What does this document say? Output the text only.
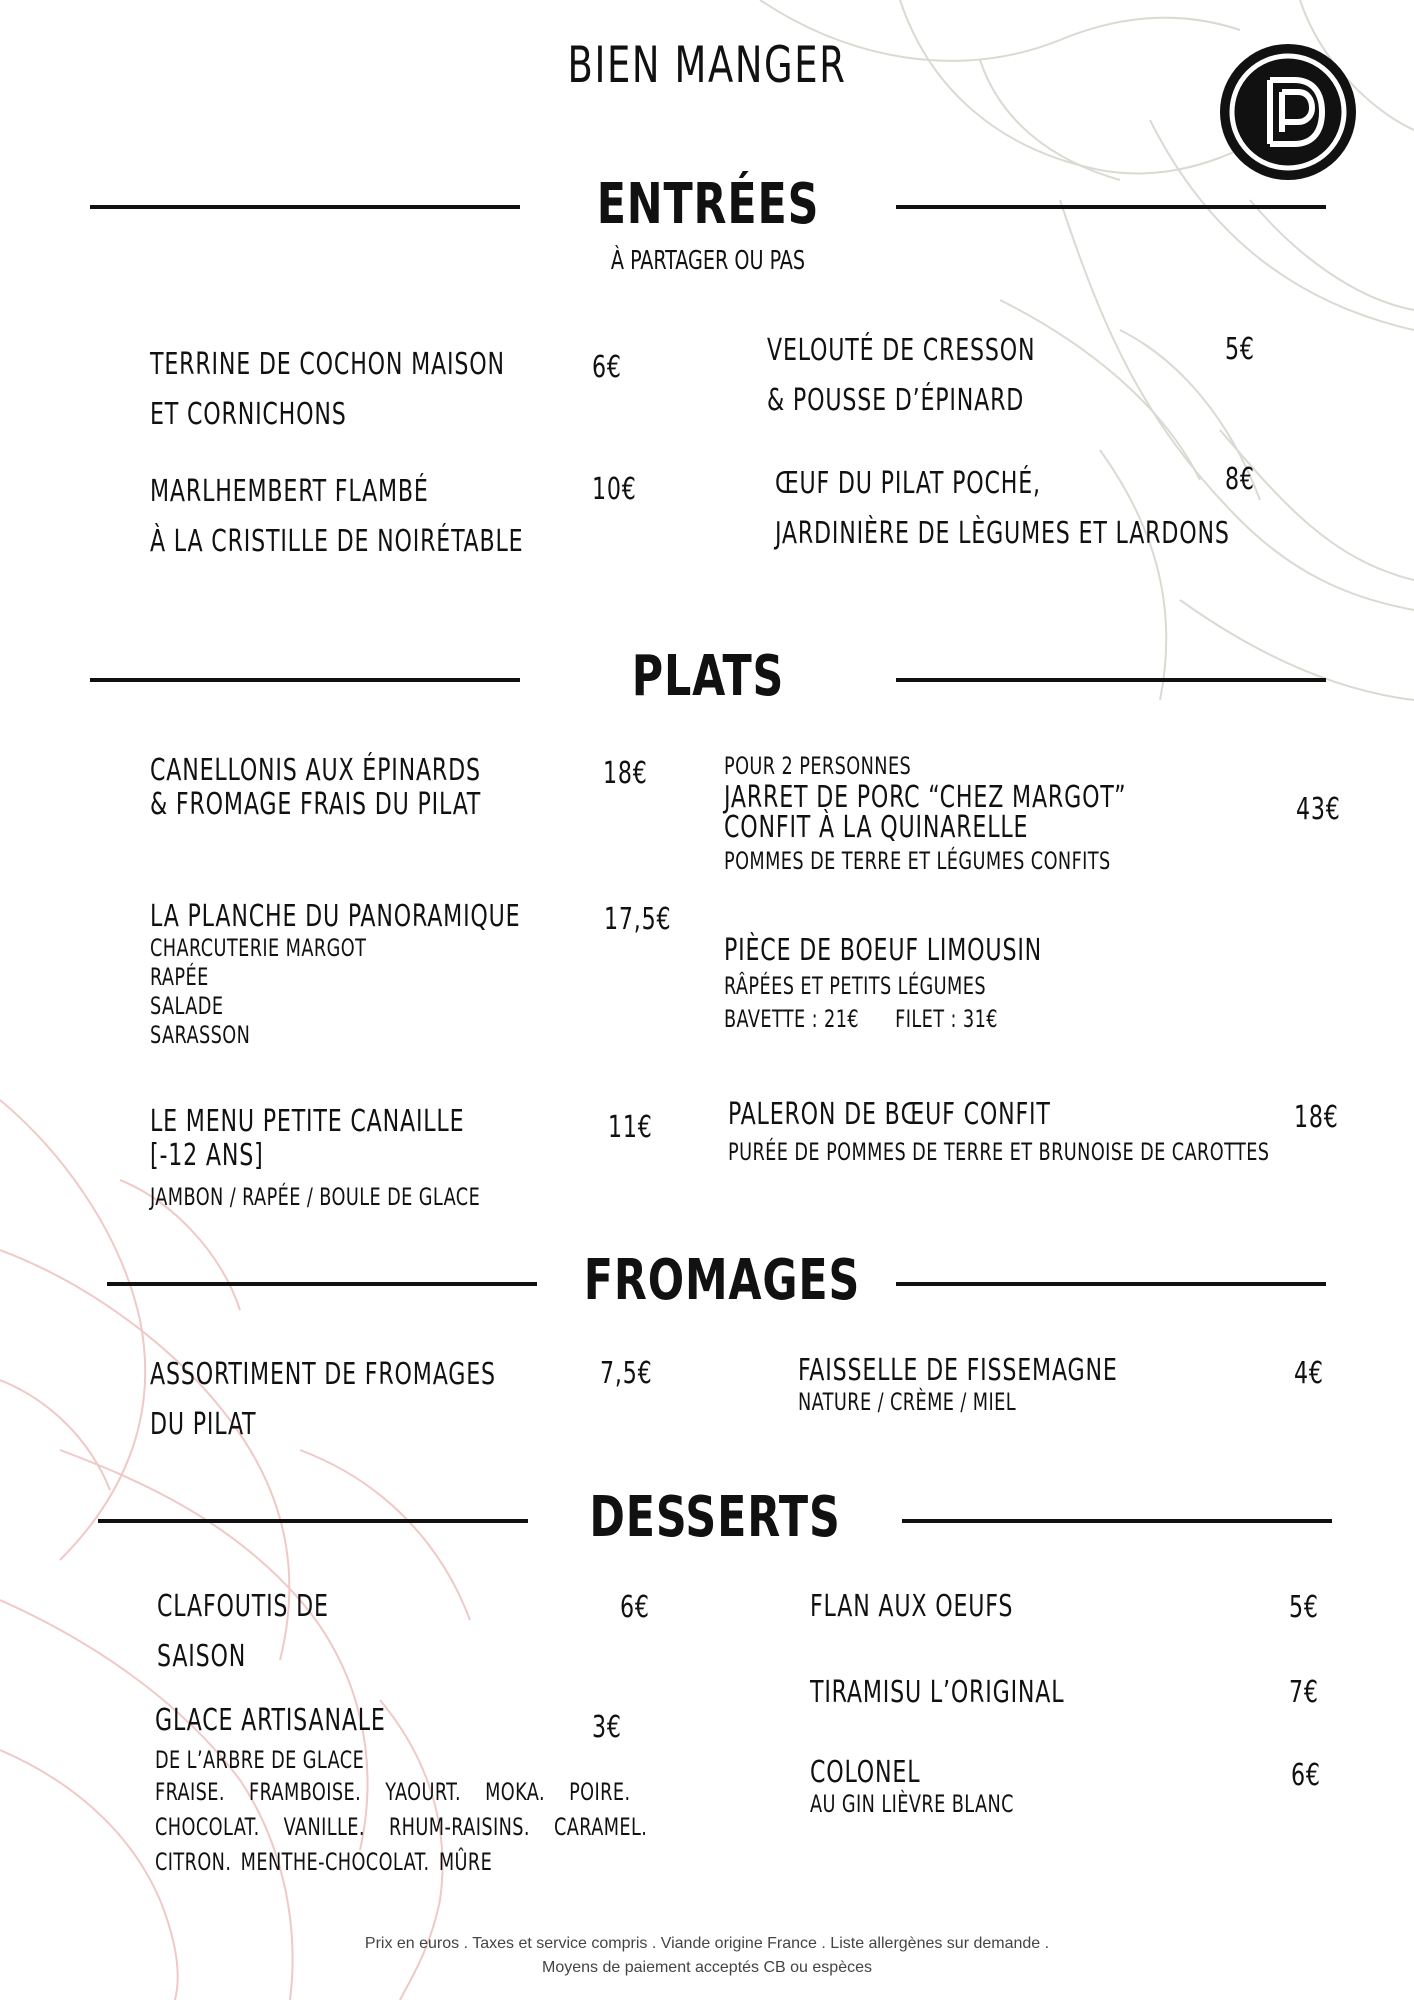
BIEN MANGER
ENTRÉES
À PARTAGER OU PAS
TERRINE DE COCHON MAISON
ET CORNICHONS
6€
MARLHEMBERT FLAMBÉ
À LA CRISTILLE DE NOIRÉTABLE
10€
VELOUTÉ DE CRESSON
& POUSSE D’ÉPINARD
5€
ŒUF DU PILAT POCHÉ,
JARDINIÈRE DE LÈGUMES ET LARDONS
8€
PLATS
CANELLONIS AUX ÉPINARDS
& FROMAGE FRAIS DU PILAT
18€
LA PLANCHE DU PANORAMIQUE
CHARCUTERIE MARGOT
RAPÉE
SALADE
SARASSON
17,5€
LE MENU PETITE CANAILLE
[-12 ANS]
JAMBON / RAPÉE / BOULE DE GLACE
11€
POUR 2 PERSONNES
JARRET DE PORC “CHEZ MARGOT”
CONFIT À LA QUINARELLE
POMMES DE TERRE ET LÉGUMES CONFITS
43€
PIÈCE DE BOEUF LIMOUSIN
RÂPÉES ET PETITS LÉGUMES
BAVETTE : 21€ FILET : 31€
PALERON DE BŒUF CONFIT
PURÉE DE POMMES DE TERRE ET BRUNOISE DE CAROTTES
18€
FROMAGES
ASSORTIMENT DE FROMAGES
DU PILAT
7,5€	FAISSELLE DE FISSEMAGNE
NATURE / CRÈME / MIEL
4€
DESSERTS
CLAFOUTIS DE
SAISON
6€
GLACE ARTISANALE
DE L’ARBRE DE GLACE
FRAISE. FRAMBOISE. YAOURT. MOKA. POIRE.
CHOCOLAT. VANILLE. RHUM-RAISINS. CARAMEL.
CITRON. MENTHE-CHOCOLAT. MÛRE
3€
FLAN AUX OEUFS	5€
TIRAMISU L’ORIGINAL	7€
COLONEL
AU GIN LIÈVRE BLANC
6€
Prix en euros . Taxes et service compris . Viande origine France . Liste allergènes sur demande .
Moyens de paiement acceptés CB ou espèces
